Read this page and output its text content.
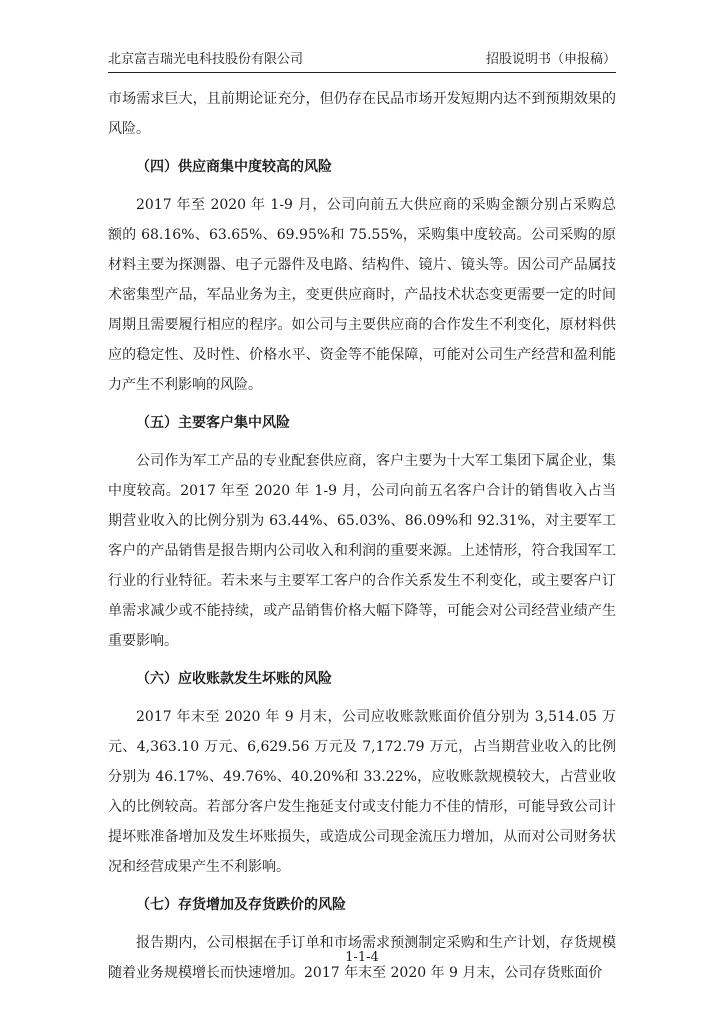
北京富吉瑞光电科技股份有限公司	招股说明书（申报稿）

市场需求巨大，且前期论证充分，但仍存在民品市场开发短期内达不到预期效果的风险。

（四）供应商集中度较高的风险

2017 年至 2020 年 1-9 月，公司向前五大供应商的采购金额分别占采购总额的 68.16%、63.65%、69.95%和 75.55%，采购集中度较高。公司采购的原材料主要为探测器、电子元器件及电路、结构件、镜片、镜头等。因公司产品属技术密集型产品，军品业务为主，变更供应商时，产品技术状态变更需要一定的时间周期且需要履行相应的程序。如公司与主要供应商的合作发生不利变化，原材料供应的稳定性、及时性、价格水平、资金等不能保障，可能对公司生产经营和盈利能力产生不利影响的风险。

（五）主要客户集中风险

公司作为军工产品的专业配套供应商，客户主要为十大军工集团下属企业，集中度较高。2017 年至 2020 年 1-9 月，公司向前五名客户合计的销售收入占当期营业收入的比例分别为 63.44%、65.03%、86.09%和 92.31%，对主要军工客户的产品销售是报告期内公司收入和利润的重要来源。上述情形，符合我国军工行业的行业特征。若未来与主要军工客户的合作关系发生不利变化，或主要客户订单需求减少或不能持续，或产品销售价格大幅下降等，可能会对公司经营业绩产生重要影响。

（六）应收账款发生坏账的风险

2017 年末至 2020 年 9 月末，公司应收账款账面价值分别为 3,514.05 万元、4,363.10 万元、6,629.56 万元及 7,172.79 万元，占当期营业收入的比例分别为 46.17%、49.76%、40.20%和 33.22%，应收账款规模较大，占营业收入的比例较高。若部分客户发生拖延支付或支付能力不佳的情形，可能导致公司计提坏账准备增加及发生坏账损失，或造成公司现金流压力增加，从而对公司财务状况和经营成果产生不利影响。

（七）存货增加及存货跌价的风险

报告期内，公司根据在手订单和市场需求预测制定采购和生产计划，存货规模随着业务规模增长而快速增加。2017 年末至 2020 年 9 月末，公司存货账面价

1-1-4
